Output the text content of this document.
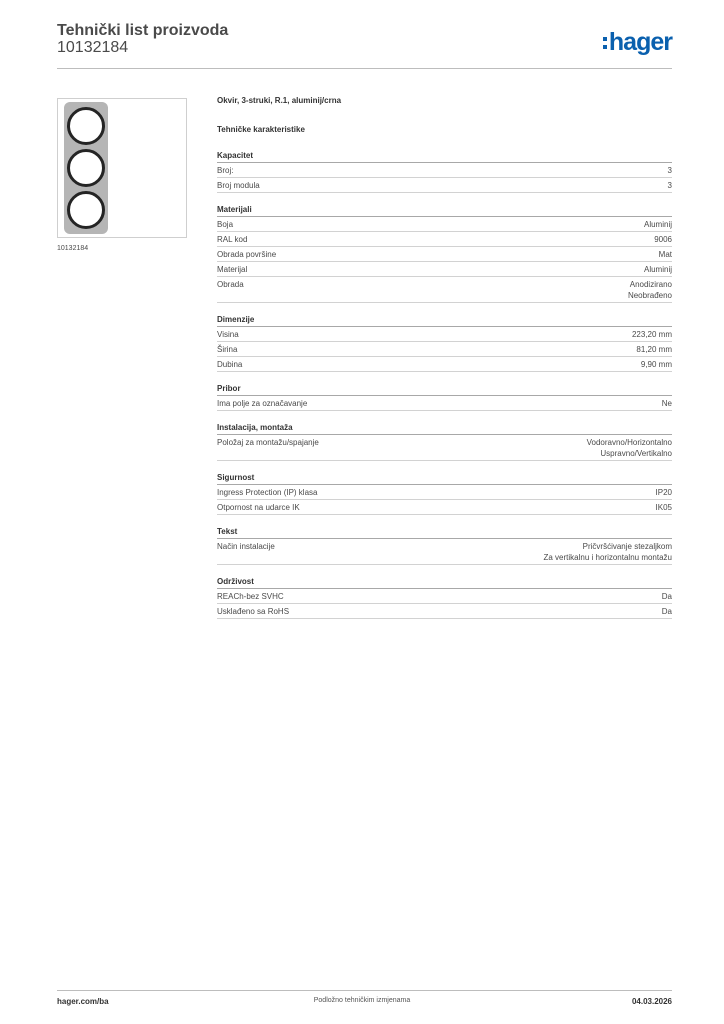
Tehnički list proizvoda
10132184	hager
10132184
Okvir, 3-struki, R.1, aluminij/crna
Tehničke karakteristike
Kapacitet
Broj:	3
Broj modula	3
Materijali
Boja	Aluminij
RAL kod	9006
Obrada površine	Mat
Materijal	Aluminij
Obrada	Anodizirano
Neobrađeno
Dimenzije
Visina	223,20 mm
Širina	81,20 mm
Dubina	9,90 mm
Pribor
Ima polje za označavanje	Ne
Instalacija, montaža
Položaj za montažu/spajanje	Vodoravno/Horizontalno
Uspravno/Vertikalno
Sigurnost
Ingress Protection (IP) klasa	IP20
Otpornost na udarce IK	IK05
Tekst
Način instalacije	Pričvršćivanje stezaljkom
Za vertikalnu i horizontalnu montažu
Održivost
REACh-bez SVHC	Da
Usklađeno sa RoHS	Da
hager.com/ba	Podložno tehničkim izmjenama	04.03.2026
